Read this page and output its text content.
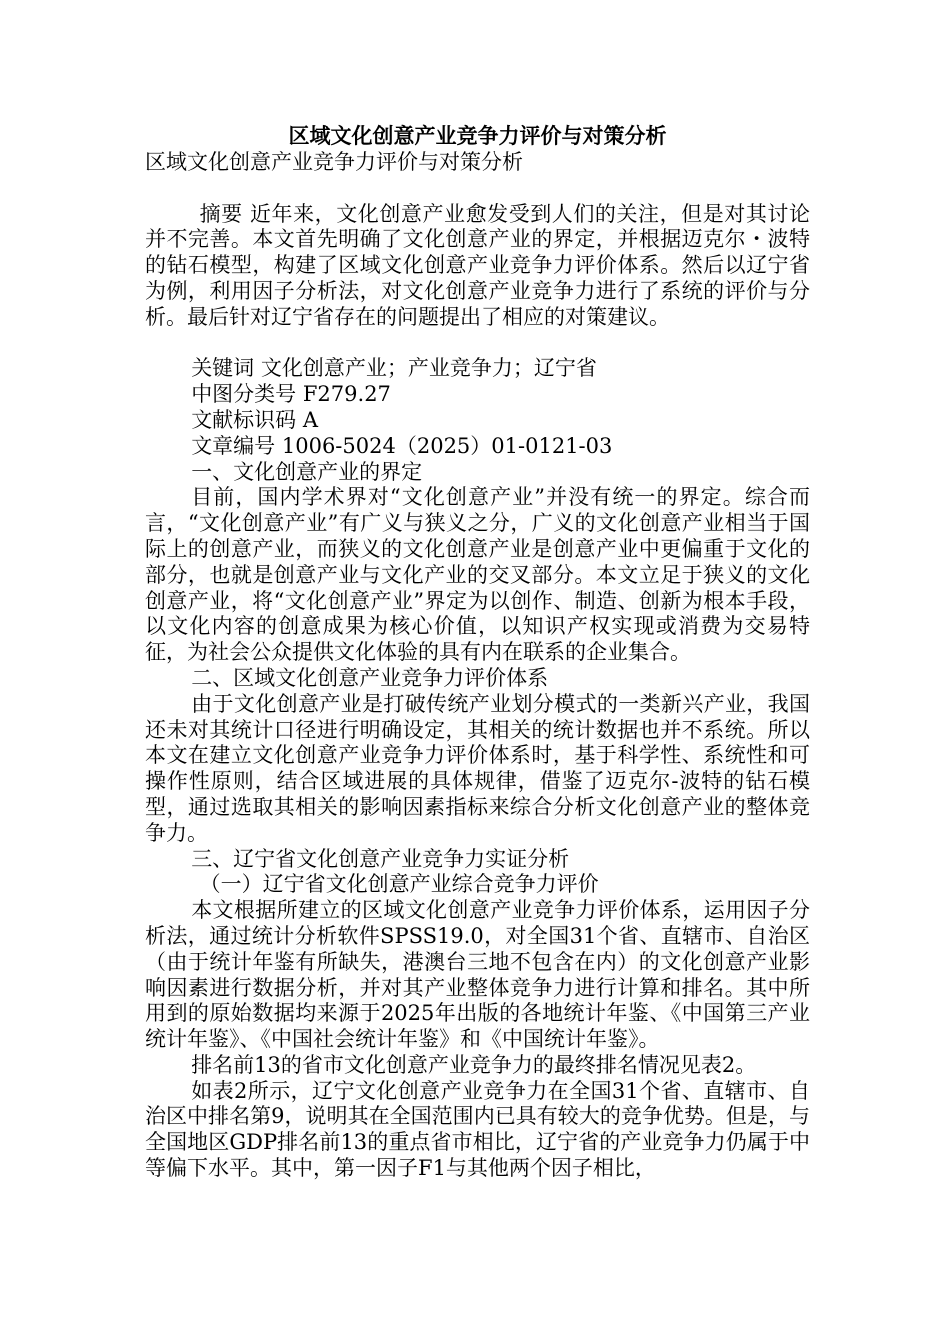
区域文化创意产业竞争力评价与对策分析

区域文化创意产业竞争力评价与对策分析

摘要 近年来，文化创意产业愈发受到人们的关注，但是对其讨论并不完善。本文首先明确了文化创意产业的界定，并根据迈克尔・波特的钻石模型，构建了区域文化创意产业竞争力评价体系。然后以辽宁省为例，利用因子分析法，对文化创意产业竞争力进行了系统的评价与分析。最后针对辽宁省存在的问题提出了相应的对策建议。

关键词 文化创意产业；产业竞争力；辽宁省

中图分类号 F279.27

文献标识码 A

文章编号 1006-5024（2025）01-0121-03

一、文化创意产业的界定

目前，国内学术界对“文化创意产业”并没有统一的界定。综合而言，“文化创意产业”有广义与狭义之分，广义的文化创意产业相当于国际上的创意产业，而狭义的文化创意产业是创意产业中更偏重于文化的部分，也就是创意产业与文化产业的交叉部分。本文立足于狭义的文化创意产业，将“文化创意产业”界定为以创作、制造、创新为根本手段，以文化内容的创意成果为核心价值，以知识产权实现或消费为交易特征，为社会公众提供文化体验的具有内在联系的企业集合。

二、区域文化创意产业竞争力评价体系

由于文化创意产业是打破传统产业划分模式的一类新兴产业，我国还未对其统计口径进行明确设定，其相关的统计数据也并不系统。所以本文在建立文化创意产业竞争力评价体系时，基于科学性、系统性和可操作性原则，结合区域进展的具体规律，借鉴了迈克尔-波特的钻石模型，通过选取其相关的影响因素指标来综合分析文化创意产业的整体竞争力。

三、辽宁省文化创意产业竞争力实证分析

（一）辽宁省文化创意产业综合竞争力评价

本文根据所建立的区域文化创意产业竞争力评价体系，运用因子分析法，通过统计分析软件SPSS19.0，对全国31个省、直辖市、自治区（由于统计年鉴有所缺失，港澳台三地不包含在内）的文化创意产业影响因素进行数据分析，并对其产业整体竞争力进行计算和排名。其中所用到的原始数据均来源于2025年出版的各地统计年鉴、《中国第三产业统计年鉴》、《中国社会统计年鉴》和《中国统计年鉴》。

排名前13的省市文化创意产业竞争力的最终排名情况见表2。

如表2所示，辽宁文化创意产业竞争力在全国31个省、直辖市、自治区中排名第9，说明其在全国范围内已具有较大的竞争优势。但是，与全国地区GDP排名前13的重点省市相比，辽宁省的产业竞争力仍属于中等偏下水平。其中，第一因子F1与其他两个因子相比，
